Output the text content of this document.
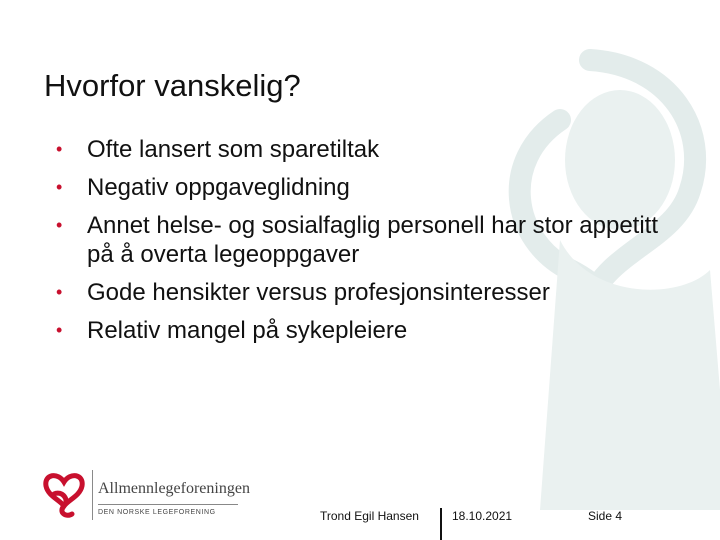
Hvorfor vanskelig?
• Ofte lansert som sparetiltak
• Negativ oppgaveglidning
• Annet helse- og sosialfaglig personell har stor appetitt på å overta legeoppgaver
• Gode hensikter versus profesjonsinteresser
• Relativ mangel på sykepleiere
Allmennlegeforeningen
DEN NORSKE LEGEFORENING	Trond Egil Hansen	18.10.2021	Side 4
